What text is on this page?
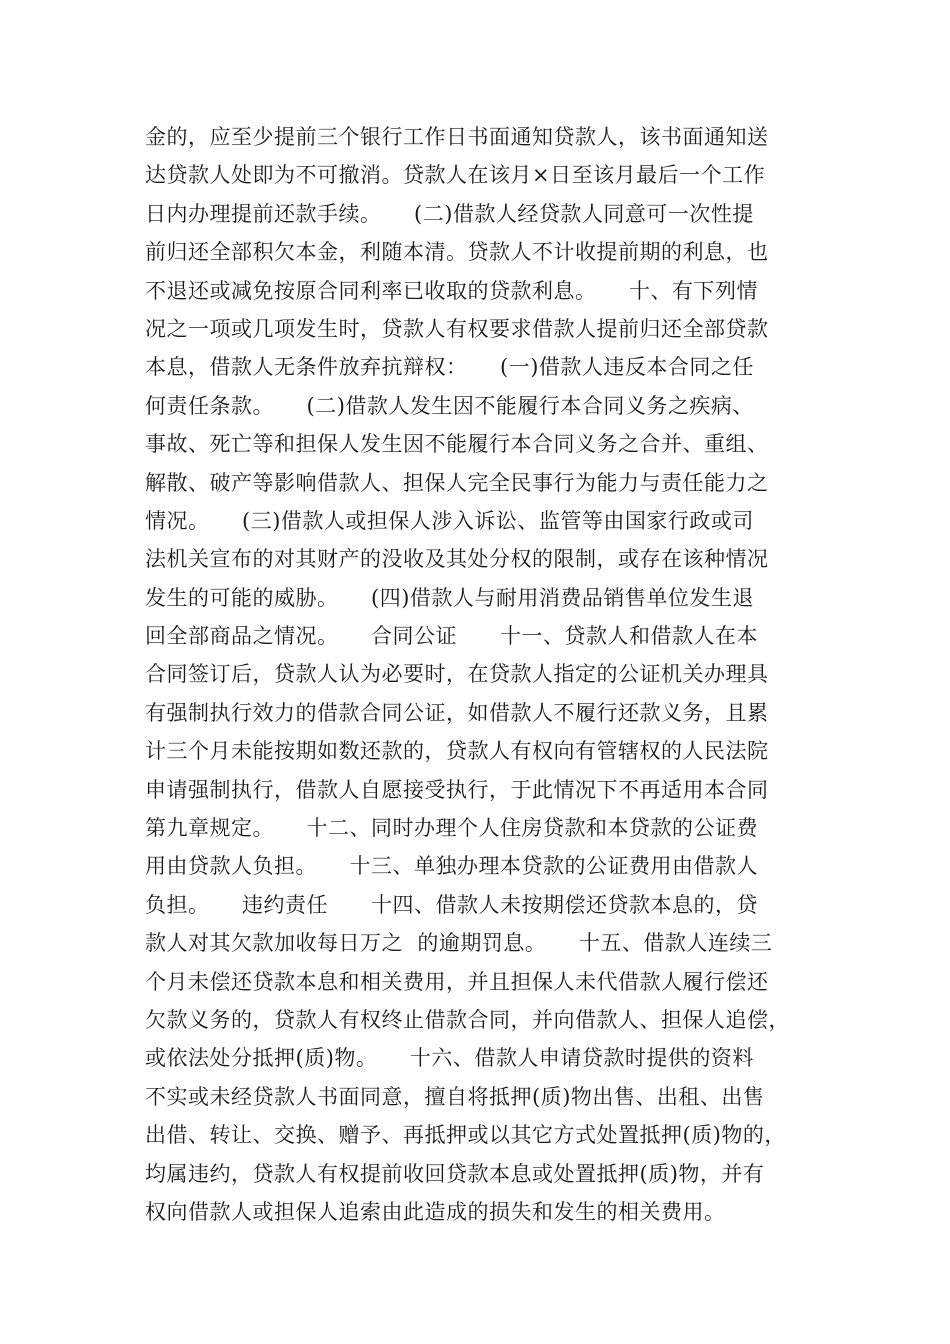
金的，应至少提前三个银行工作日书面通知贷款人，该书面通知送
达贷款人处即为不可撤消。贷款人在该月×日至该月最后一个工作
日内办理提前还款手续。　　(二)借款人经贷款人同意可一次性提
前归还全部积欠本金，利随本清。贷款人不计收提前期的利息，也
不退还或减免按原合同利率已收取的贷款利息。　　十、有下列情
况之一项或几项发生时，贷款人有权要求借款人提前归还全部贷款
本息，借款人无条件放弃抗辩权：　　(一)借款人违反本合同之任
何责任条款。　　(二)借款人发生因不能履行本合同义务之疾病、
事故、死亡等和担保人发生因不能履行本合同义务之合并、重组、
解散、破产等影响借款人、担保人完全民事行为能力与责任能力之
情况。　　(三)借款人或担保人涉入诉讼、监管等由国家行政或司
法机关宣布的对其财产的没收及其处分权的限制，或存在该种情况
发生的可能的威胁。　　(四)借款人与耐用消费品销售单位发生退
回全部商品之情况。　　合同公证　　十一、贷款人和借款人在本
合同签订后，贷款人认为必要时，在贷款人指定的公证机关办理具
有强制执行效力的借款合同公证，如借款人不履行还款义务，且累
计三个月未能按期如数还款的，贷款人有权向有管辖权的人民法院
申请强制执行，借款人自愿接受执行，于此情况下不再适用本合同
第九章规定。　　十二、同时办理个人住房贷款和本贷款的公证费
用由贷款人负担。　　十三、单独办理本贷款的公证费用由借款人
负担。　　违约责任　　十四、借款人未按期偿还贷款本息的，贷
款人对其欠款加收每日万之  的逾期罚息。　　十五、借款人连续三
个月未偿还贷款本息和相关费用，并且担保人未代借款人履行偿还
欠款义务的，贷款人有权终止借款合同，并向借款人、担保人追偿，
或依法处分抵押(质)物。　　十六、借款人申请贷款时提供的资料
不实或未经贷款人书面同意，擅自将抵押(质)物出售、出租、出售
出借、转让、交换、赠予、再抵押或以其它方式处置抵押(质)物的，
均属违约，贷款人有权提前收回贷款本息或处置抵押(质)物，并有
权向借款人或担保人追索由此造成的损失和发生的相关费用。
